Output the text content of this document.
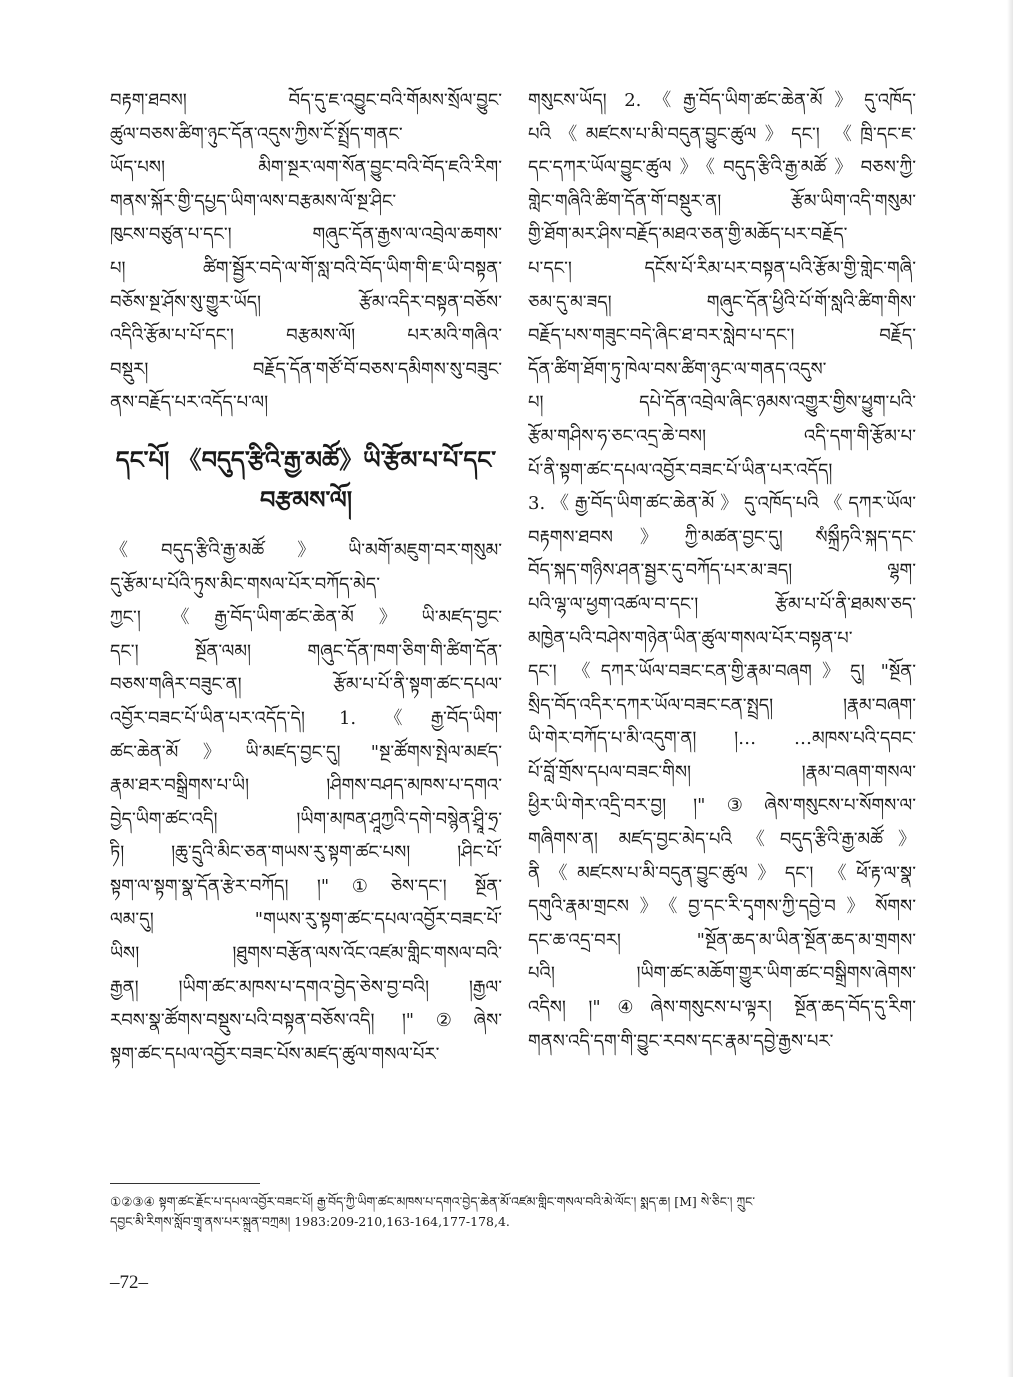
བརྟག་ཐབས། བོད་དུ་ཇ་འབྱུང་བའི་གོམས་སྲོལ་བྱུང་
ཚུལ་བཅས་ཚིག་ཉུང་དོན་འདུས་ཀྱིས་ངོ་སྤྲོད་གནང་
ཡོད་པས། མིག་སྔར་ལག་སོན་བྱུང་བའི་བོད་ཇའི་རིག་
གནས་སྐོར་གྱི་དཔྱད་ཡིག་ལས་བརྩམས་ལོ་སྔ་ཤིང་
ཁུངས་བཙུན་པ་དང་། གཞུང་དོན་རྒྱས་ལ་འབྲེལ་ཆགས་
པ། ཚིག་སྦྱོར་བདེ་ལ་གོ་སླ་བའི་བོད་ཡིག་གི་ཇ་ཡི་བསྟན་
བཅོས་སྔ་ཤོས་སུ་གྱུར་ཡོད། རྩོམ་འདིར་བསྟན་བཅོས་
འདིའི་རྩོམ་པ་པོ་དང་། བརྩམས་ལོ། པར་མའི་གཞིའ་
བསྡུར། བརྗོད་དོན་གཙོ་བོ་བཅས་དམིགས་སུ་བཟུང་
ནས་བརྗོད་པར་འདོད་པ་ལ།
དང་པོ། 《བདུད་རྩིའི་རྒྱ་མཚོ》ཡི་རྩོམ་པ་པོ་དང་
བརྩམས་ལོ།
《བདུད་རྩིའི་རྒྱ་མཚོ》ཡི་མགོ་མཇུག་བར་གསུམ་
དུ་རྩོམ་པ་པོའི་ཏུས་མིང་གསལ་པོར་བཀོད་མེད་
ཀྱང་། 《རྒྱ་བོད་ཡིག་ཚང་ཆེན་མོ》ཡི་མཛད་བྱང་
དང་། སྔོན་ལམ། གཞུང་དོན་ཁག་ཅིག་གི་ཚིག་དོན་
བཅས་གཞིར་བཟུང་ན། རྩོམ་པ་པོ་ནི་སྟག་ཚང་དཔལ་
འབྱོར་བཟང་པོ་ཡིན་པར་འདོད་དེ། 1.《རྒྱ་བོད་ཡིག་
ཚང་ཆེན་མོ》ཡི་མཛད་བྱང་དུ། "སྔ་ཚོགས་སྤེལ་མཛད་
རྣམ་ཐར་བསྒྲིགས་པ་ཡི། །ཤིགས་བཤད་མཁས་པ་དགའ་
བྱེད་ཡིག་ཚང་འདི། །ཡིག་མཁན་ཤཱཀྱའི་དགེ་བསྙེན་ཤྲཱི་ཧྲ་
ཏི། །ཆུ་དྲུའི་མིང་ཅན་གཡས་རུ་སྟག་ཚང་པས། །ཤིང་པོ་
སྟག་ལ་སྟག་སྣ་དོན་རྩེར་བཀོད། །"①ཅེས་དང་། སྔོན་
ལམ་དུ། "གཡས་རུ་སྟག་ཚང་དཔལ་འབྱོར་བཟང་པོ་
ཡིས། །ཐུགས་བརྩོན་ལས་འོང་འཛམ་གླིང་གསལ་བའི་
རྒྱན། །ཡིག་ཚང་མཁས་པ་དགའ་བྱེད་ཅེས་བྱ་བའི། །རྒྱལ་
རབས་སྣ་ཚོགས་བསྡུས་པའི་བསྟན་བཅོས་འདི། །"②ཞེས་
སྟག་ཚང་དཔལ་འབྱོར་བཟང་པོས་མཛད་ཚུལ་གསལ་པོར་
གསུངས་ཡོད། 2.《རྒྱ་བོད་ཡིག་ཚང་ཆེན་མོ》དུ་འཁོད་
པའི《མཛངས་པ་མི་བདུན་བྱུང་ཚུལ》དང་། 《ཁྲི་དང་ཇ་
དང་དཀར་ཡོལ་བྱུང་ཚུལ》《བདུད་རྩིའི་རྒྱ་མཚོ》བཅས་ཀྱི་
གླེང་གཞིའི་ཚིག་དོན་གོ་བསྡུར་ན། རྩོམ་ཡིག་འདི་གསུམ་
གྱི་ཐོག་མར་ཤིས་བརྗོད་མཐའ་ཅན་གྱི་མཆོད་པར་བརྗོད་
པ་དང་། དངོས་པོ་རིམ་པར་བསྟན་པའི་རྩོམ་གྱི་གླེང་གཞི་
ཅམ་དུ་མ་ཟད། གཞུང་དོན་ཕྱིའི་པོ་གོ་སླའི་ཚིག་གིས་
བརྗོད་པས་གཟུང་བདེ་ཞིང་ཐ་བར་སླེབ་པ་དང་། བརྗོད་
དོན་ཚིག་ཐོག་ཏུ་ཁེལ་བས་ཚིག་ཉུང་ལ་གནད་འདུས་
པ། དཔེ་དོན་འབྲེལ་ཞིང་ཉམས་འགྱུར་གྱིས་ཕྱུག་པའི་
རྩོམ་གཤིས་ཧ་ཅང་འདྲ་ཆེ་བས། འདི་དག་གི་རྩོམ་པ་
པོ་ནི་སྟག་ཚང་དཔལ་འབྱོར་བཟང་པོ་ཡིན་པར་འདོད།
3.《རྒྱ་བོད་ཡིག་ཚང་ཆེན་མོ》དུ་འཁོད་པའི《དཀར་ཡོལ་
བརྟགས་ཐབས》ཀྱི་མཚན་བྱང་དུ། སཾསྐྲྀཏའི་སྐད་དང་
བོད་སྐད་གཉིས་ཤན་སྦྱར་དུ་བཀོད་པར་མ་ཟད། ལྷག་
པའི་ལྷ་ལ་ཕྱག་འཚལ་བ་དང་། རྩོམ་པ་པོ་ནི་ཐམས་ཅད་
མཁྱེན་པའི་བཤེས་གཉེན་ཡིན་ཚུལ་གསལ་པོར་བསྟན་པ་
དང་། 《དཀར་ཡོལ་བཟང་ངན་གྱི་རྣམ་བཞག》དུ། "སྔོན་
སྲིད་བོད་འདིར་དཀར་ཡོལ་བཟང་ངན་སྤྲད། །རྣམ་བཞག་
ཡི་གེར་བཀོད་པ་མི་འདུག་ན། །… …མཁས་པའི་དབང་
པོ་བློ་གྲོས་དཔལ་བཟང་གིས། །རྣམ་བཞག་གསལ་
ཕྱིར་ཡི་གེར་འདྲི་བར་བྱ། །"③ཞེས་གསུངས་པ་སོགས་ལ་
གཞིགས་ན། མཛད་བྱང་མེད་པའི《བདུད་རྩིའི་རྒྱ་མཚོ》
ནི《མཛངས་པ་མི་བདུན་བྱུང་ཚུལ》དང་། 《ཕོ་རྟ་ལ་སྣ་
དགུའི་རྣམ་གྲངས》《བྱ་དང་རི་དྭགས་ཀྱི་དབྱེ་བ》སོགས་
དང་ཆ་འདྲ་བར། "སྔོན་ཆད་མ་ཡིན་སྔོན་ཆད་མ་གྲགས་
པའི། །ཡིག་ཚང་མཆོག་གྱུར་ཡིག་ཚང་བསྒྲིགས་ཞེགས་
འདིས། །"④ཞེས་གསུངས་པ་ལྟར། སྔོན་ཆད་བོད་དུ་རིག་
གནས་འདི་དག་གི་བྱུང་རབས་དང་རྣམ་དབྱེ་རྒྱས་པར་
①②③④ སྟག་ཚང་རྗོང་པ་དཔལ་འབྱོར་བཟང་པོ། རྒྱ་བོད་ཀྱི་ཡིག་ཚང་མཁས་པ་དགའ་བྱེད་ཆེན་མོ་འཛམ་གླིང་གསལ་བའི་མེ་ལོང་། སྨད་ཆ། [M] སེ་ཅིང་། ཀྲུང་
དབྱང་མི་རིགས་སློབ་གྲྭ་ནས་པར་སྐྲུན་བཀྲམ། 1983:209-210,163-164,177-178,4.
–72–
